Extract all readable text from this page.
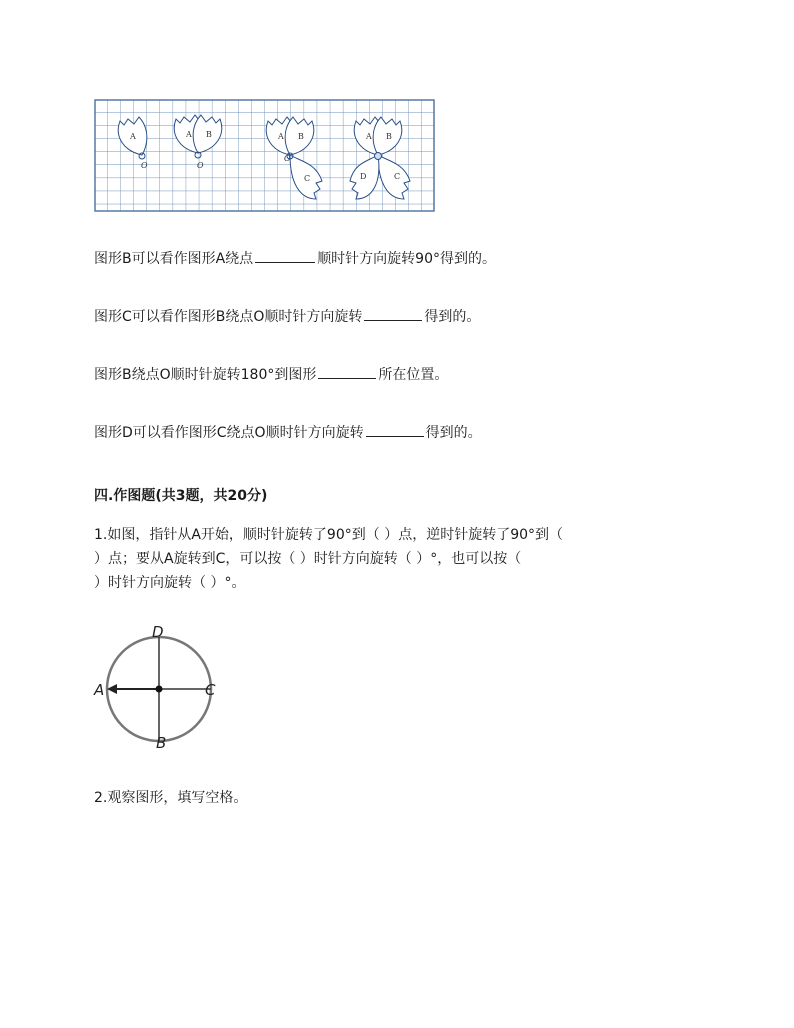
A
O
A B
O
A B
C
O
A B
C
D
图形B可以看作图形A绕点	顺时针方向旋转90°得到的。
图形C可以看作图形B绕点O顺时针方向旋转	得到的。
图形B绕点O顺时针旋转180°到图形	所在位置。
图形D可以看作图形C绕点O顺时针方向旋转	得到的。
四.作图题(共3题，共20分)
1.如图，指针从A开始，顺时针旋转了90°到（ ）点，逆时针旋转了90°到（
）点；要从A旋转到C，可以按（ ）时针方向旋转（ ）°，也可以按（
）时针方向旋转（ ）°。
D
A	C
B
2.观察图形，填写空格。
